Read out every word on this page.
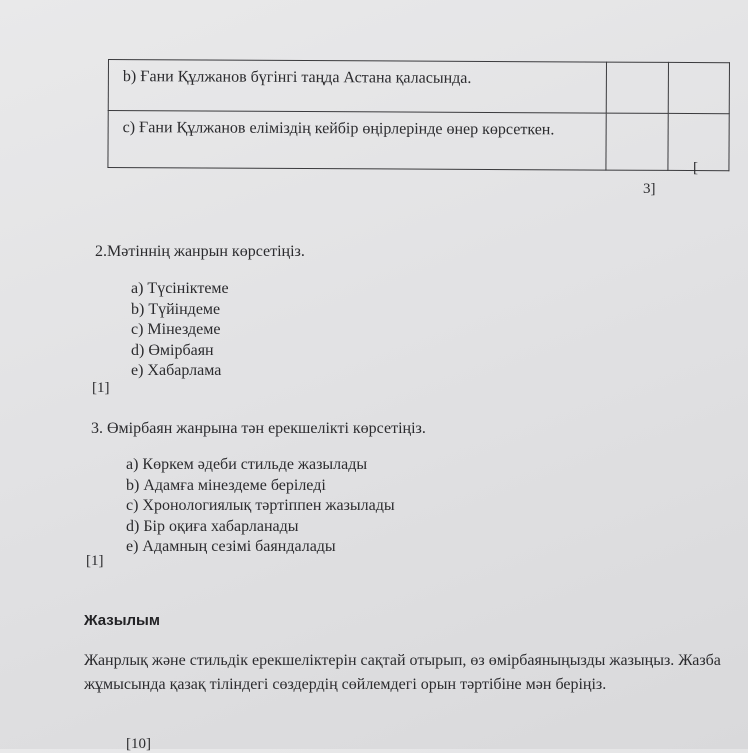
b) Ғани Құлжанов бүгінгі таңда Астана қаласында.		
c) Ғани Құлжанов еліміздің кейбір өңірлерінде өнер көрсеткен.		
[
3]
2.Мәтіннің жанрын көрсетіңіз.
a) Түсініктеме
b) Түйіндеме
c) Мінездеме
d) Өмірбаян
e) Хабарлама
[1]
3. Өмірбаян жанрына тән ерекшелікті көрсетіңіз.
a) Көркем әдеби стильде жазылады
b) Адамға мінездеме беріледі
c) Хронологиялық тәртіппен жазылады
d) Бір оқиға хабарланады
e) Адамның сезімі баяндалады
[1]
Жазылым

Жанрлық және стильдік ерекшеліктерін сақтай отырып, өз өмірбаяныңызды жазыңыз. Жазба жұмысында қазақ тіліндегі сөздердің сөйлемдегі орын тәртібіне мән беріңіз.

[10]
